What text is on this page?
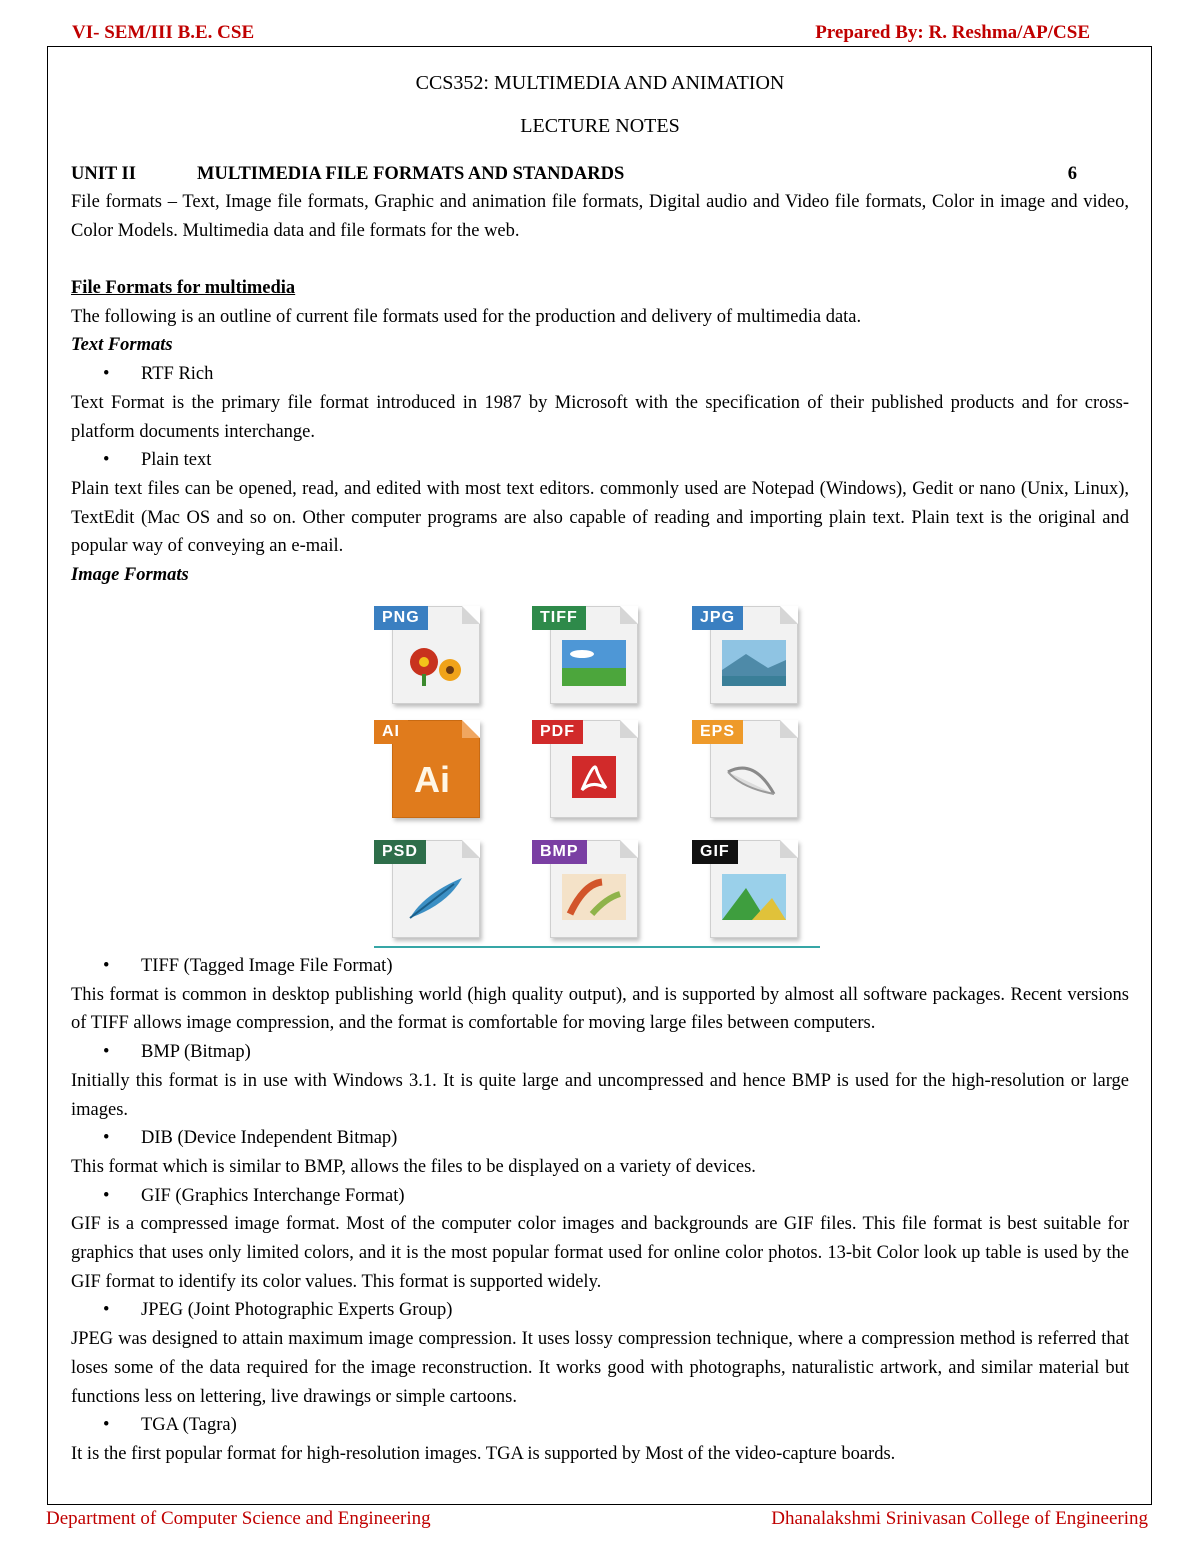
VI- SEM/III B.E. CSE	Prepared By: R. Reshma/AP/CSE
CCS352: MULTIMEDIA AND ANIMATION
LECTURE NOTES
UNIT II	MULTIMEDIA FILE FORMATS AND STANDARDS	6

File formats – Text, Image file formats, Graphic and animation file formats, Digital audio and Video file formats, Color in image and video, Color Models. Multimedia data and file formats for the web.

File Formats for multimedia

The following is an outline of current file formats used for the production and delivery of multimedia data.

Text Formats

• RTF Rich

Text Format is the primary file format introduced in 1987 by Microsoft with the specification of their published products and for cross-platform documents interchange.

• Plain text

Plain text files can be opened, read, and edited with most text editors. commonly used are Notepad (Windows), Gedit or nano (Unix, Linux), TextEdit (Mac OS and so on. Other computer programs are also capable of reading and importing plain text. Plain text is the original and popular way of conveying an e-mail.

Image Formats

PNG	TIFF	JPG
AI
Ai
PDF	EPS
PSD	BMP	GIF

• TIFF (Tagged Image File Format)

This format is common in desktop publishing world (high quality output), and is supported by almost all software packages. Recent versions of TIFF allows image compression, and the format is comfortable for moving large files between computers.

• BMP (Bitmap)

Initially this format is in use with Windows 3.1. It is quite large and uncompressed and hence BMP is used for the high-resolution or large images.

• DIB (Device Independent Bitmap)

This format which is similar to BMP, allows the files to be displayed on a variety of devices.

• GIF (Graphics Interchange Format)

GIF is a compressed image format. Most of the computer color images and backgrounds are GIF files. This file format is best suitable for graphics that uses only limited colors, and it is the most popular format used for online color photos. 13-bit Color look up table is used by the GIF format to identify its color values. This format is supported widely.

• JPEG (Joint Photographic Experts Group)

JPEG was designed to attain maximum image compression. It uses lossy compression technique, where a compression method is referred that loses some of the data required for the image reconstruction. It works good with photographs, naturalistic artwork, and similar material but functions less on lettering, live drawings or simple cartoons.

• TGA (Tagra)

It is the first popular format for high-resolution images. TGA is supported by Most of the video-capture boards.

Department of Computer Science and Engineering	Dhanalakshmi Srinivasan College of Engineering
